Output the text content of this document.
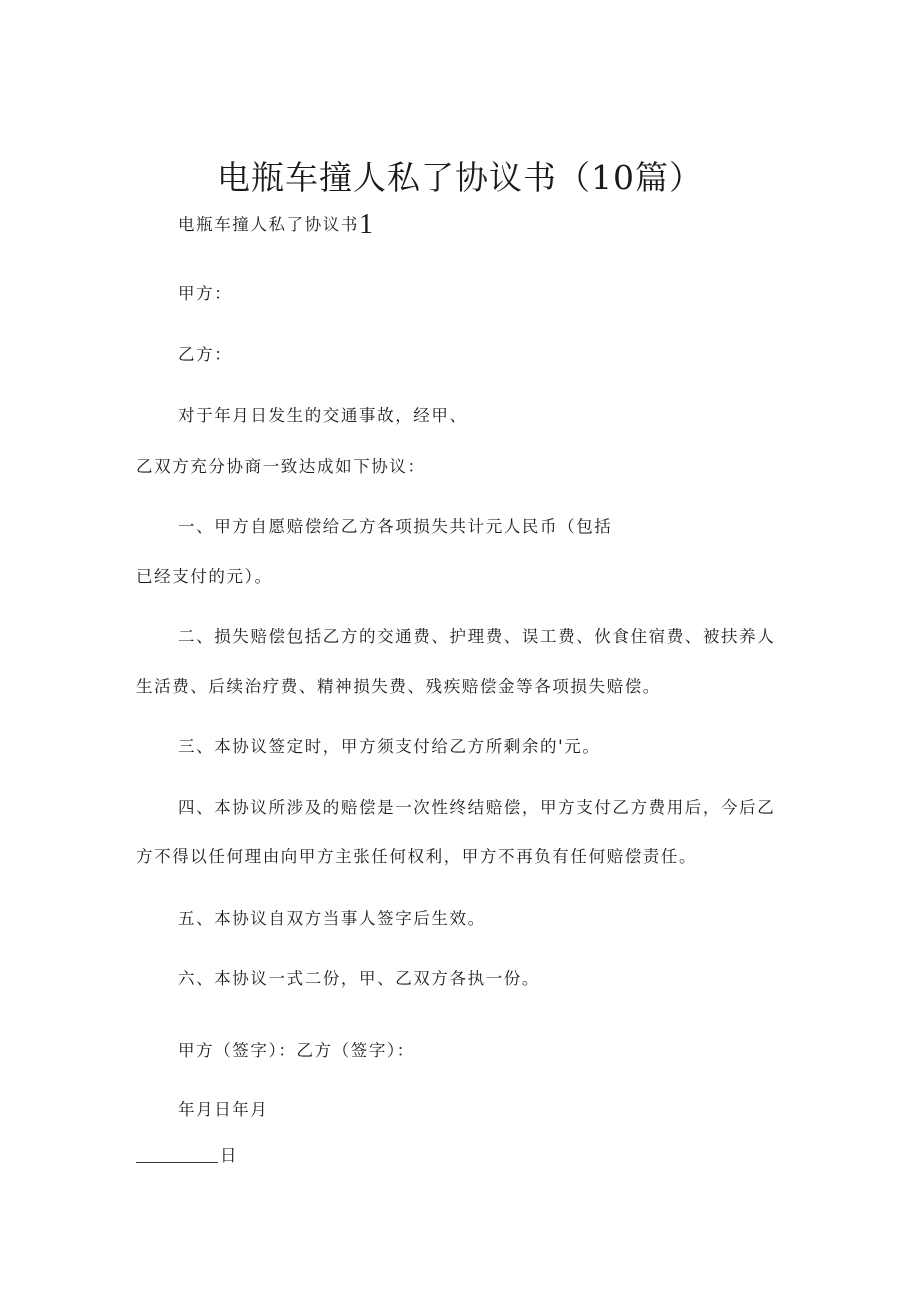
电瓶车撞人私了协议书（10篇）
电瓶车撞人私了协议书1
甲方：
乙方：
对于年月日发生的交通事故，经甲、
乙双方充分协商一致达成如下协议：
一、甲方自愿赔偿给乙方各项损失共计元人民币（包括
已经支付的元）。
二、损失赔偿包括乙方的交通费、护理费、误工费、伙食住宿费、被扶养人
生活费、后续治疗费、精神损失费、残疾赔偿金等各项损失赔偿。
三、本协议签定时，甲方须支付给乙方所剩余的'元。
四、本协议所涉及的赔偿是一次性终结赔偿，甲方支付乙方费用后，今后乙
方不得以任何理由向甲方主张任何权利，甲方不再负有任何赔偿责任。
五、本协议自双方当事人签字后生效。
六、本协议一式二份，甲、乙双方各执一份。
甲方（签字）：乙方（签字）：
年月日年月
日
